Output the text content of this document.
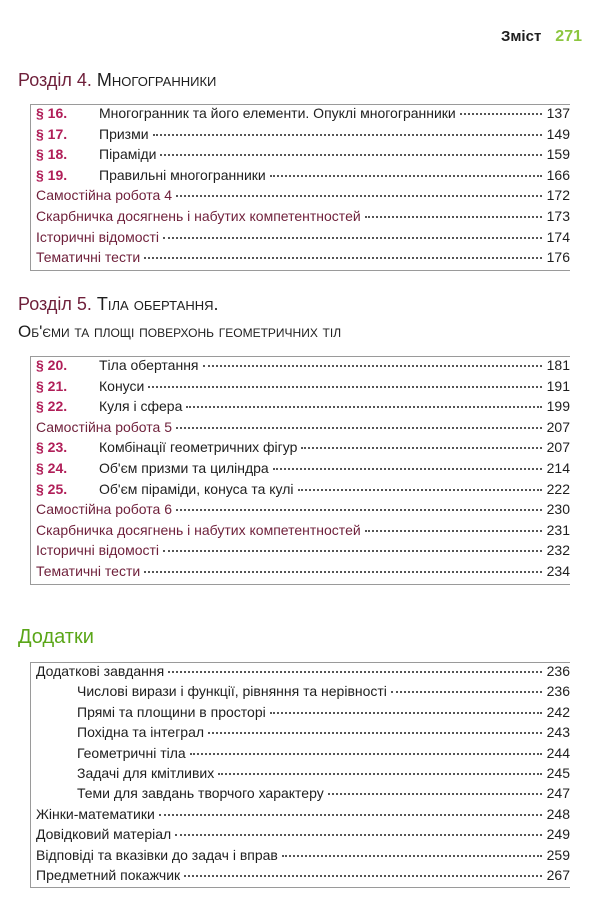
Зміст 271
Розділ 4. Многогранники
§ 16.	Многогранник та його елементи. Опуклі многогранники	137
§ 17.	Призми	149
§ 18.	Піраміди	159
§ 19.	Правильні многогранники	166
Самостійна робота 4	172
Скарбничка досягнень і набутих компетентностей	173
Історичні відомості	174
Тематичні тести	176
Розділ 5. Тіла обертання.
Об'єми та площі поверхонь геометричних тіл
§ 20.	Тіла обертання	181
§ 21.	Конуси	191
§ 22.	Куля і сфера	199
Самостійна робота 5	207
§ 23.	Комбінації геометричних фігур	207
§ 24.	Об'єм призми та циліндра	214
§ 25.	Об'єм піраміди, конуса та кулі	222
Самостійна робота 6	230
Скарбничка досягнень і набутих компетентностей	231
Історичні відомості	232
Тематичні тести	234
Додатки
Додаткові завдання	236
Числові вирази і функції, рівняння та нерівності	236
Прямі та площини в просторі	242
Похідна та інтеграл	243
Геометричні тіла	244
Задачі для кмітливих	245
Теми для завдань творчого характеру	247
Жінки-математики	248
Довідковий матеріал	249
Відповіді та вказівки до задач і вправ	259
Предметний покажчик	267
